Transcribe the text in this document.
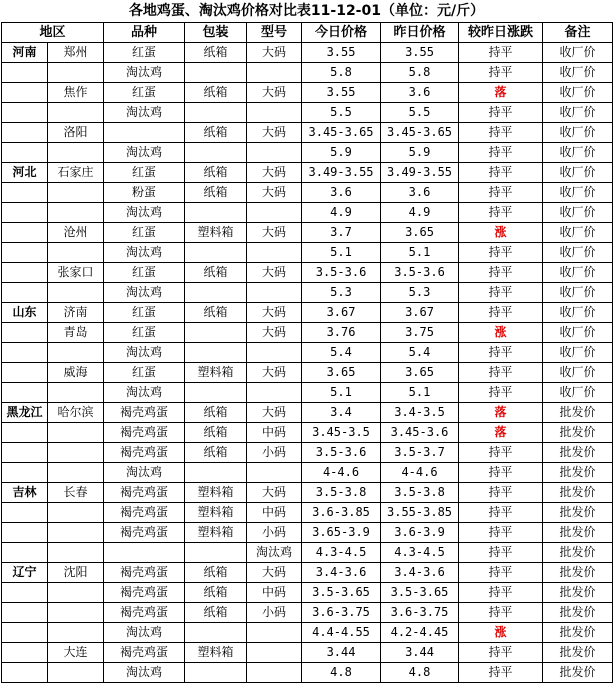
各地鸡蛋、淘汰鸡价格对比表11-12-01（单位：元/斤）
地区		品种	包装	型号	今日价格	昨日价格	较昨日涨跌	备注
河南	郑州	红蛋	纸箱	大码	3.55	3.55	持平	收厂价
		淘汰鸡			5.8	5.8	持平	收厂价
	焦作	红蛋	纸箱	大码	3.55	3.6	落	收厂价
		淘汰鸡			5.5	5.5	持平	收厂价
	洛阳		纸箱	大码	3.45-3.65	3.45-3.65	持平	收厂价
		淘汰鸡			5.9	5.9	持平	收厂价
河北	石家庄	红蛋	纸箱	大码	3.49-3.55	3.49-3.55	持平	收厂价
		粉蛋	纸箱	大码	3.6	3.6	持平	收厂价
		淘汰鸡			4.9	4.9	持平	收厂价
	沧州	红蛋	塑料箱	大码	3.7	3.65	涨	收厂价
		淘汰鸡			5.1	5.1	持平	收厂价
	张家口	红蛋	纸箱	大码	3.5-3.6	3.5-3.6	持平	收厂价
		淘汰鸡			5.3	5.3	持平	收厂价
山东	济南	红蛋	纸箱	大码	3.67	3.67	持平	收厂价
	青岛	红蛋		大码	3.76	3.75	涨	收厂价
		淘汰鸡			5.4	5.4	持平	收厂价
	威海	红蛋	塑料箱	大码	3.65	3.65	持平	收厂价
		淘汰鸡			5.1	5.1	持平	收厂价
黑龙江	哈尔滨	褐壳鸡蛋	纸箱	大码	3.4	3.4-3.5	落	批发价
		褐壳鸡蛋	纸箱	中码	3.45-3.5	3.45-3.6	落	批发价
		褐壳鸡蛋	纸箱	小码	3.5-3.6	3.5-3.7	持平	批发价
		淘汰鸡			4-4.6	4-4.6	持平	批发价
吉林	长春	褐壳鸡蛋	塑料箱	大码	3.5-3.8	3.5-3.8	持平	批发价
		褐壳鸡蛋	塑料箱	中码	3.6-3.85	3.55-3.85	持平	批发价
		褐壳鸡蛋	塑料箱	小码	3.65-3.9	3.6-3.9	持平	批发价
				淘汰鸡	4.3-4.5	4.3-4.5	持平	批发价
辽宁	沈阳	褐壳鸡蛋	纸箱	大码	3.4-3.6	3.4-3.6	持平	批发价
		褐壳鸡蛋	纸箱	中码	3.5-3.65	3.5-3.65	持平	批发价
		褐壳鸡蛋	纸箱	小码	3.6-3.75	3.6-3.75	持平	批发价
		淘汰鸡			4.4-4.55	4.2-4.45	涨	批发价
	大连	褐壳鸡蛋	塑料箱		3.44	3.44	持平	批发价
		淘汰鸡			4.8	4.8	持平	批发价
